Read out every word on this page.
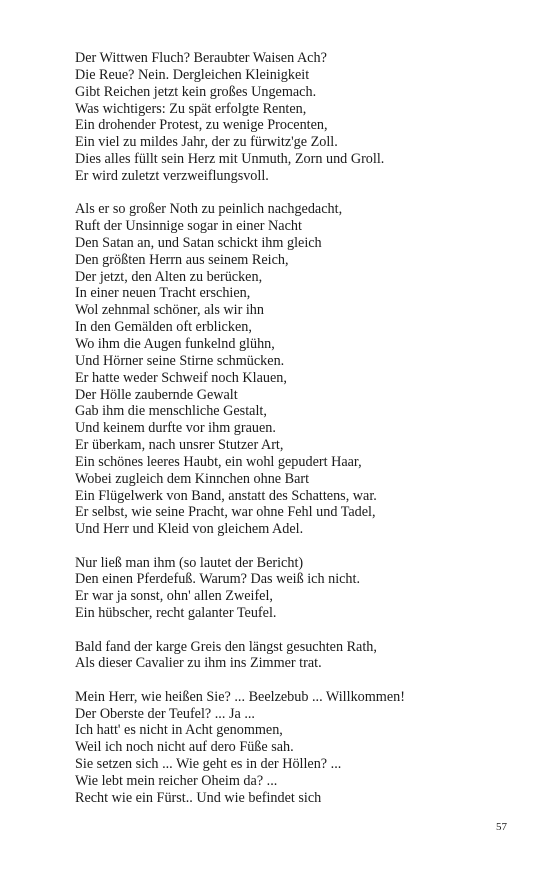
Der Wittwen Fluch? Beraubter Waisen Ach?
Die Reue? Nein. Dergleichen Kleinigkeit
Gibt Reichen jetzt kein großes Ungemach.
Was wichtigers: Zu spät erfolgte Renten,
Ein drohender Protest, zu wenige Procenten,
Ein viel zu mildes Jahr, der zu fürwitz'ge Zoll.
Dies alles füllt sein Herz mit Unmuth, Zorn und Groll.
Er wird zuletzt verzweiflungsvoll.
Als er so großer Noth zu peinlich nachgedacht,
Ruft der Unsinnige sogar in einer Nacht
Den Satan an, und Satan schickt ihm gleich
Den größten Herrn aus seinem Reich,
Der jetzt, den Alten zu berücken,
In einer neuen Tracht erschien,
Wol zehnmal schöner, als wir ihn
In den Gemälden oft erblicken,
Wo ihm die Augen funkelnd glühn,
Und Hörner seine Stirne schmücken.
Er hatte weder Schweif noch Klauen,
Der Hölle zaubernde Gewalt
Gab ihm die menschliche Gestalt,
Und keinem durfte vor ihm grauen.
Er überkam, nach unsrer Stutzer Art,
Ein schönes leeres Haubt, ein wohl gepudert Haar,
Wobei zugleich dem Kinnchen ohne Bart
Ein Flügelwerk von Band, anstatt des Schattens, war.
Er selbst, wie seine Pracht, war ohne Fehl und Tadel,
Und Herr und Kleid von gleichem Adel.
Nur ließ man ihm (so lautet der Bericht)
Den einen Pferdefuß. Warum? Das weiß ich nicht.
Er war ja sonst, ohn' allen Zweifel,
Ein hübscher, recht galanter Teufel.
Bald fand der karge Greis den längst gesuchten Rath,
Als dieser Cavalier zu ihm ins Zimmer trat.
Mein Herr, wie heißen Sie? ... Beelzebub ... Willkommen!
Der Oberste der Teufel? ... Ja ...
Ich hatt' es nicht in Acht genommen,
Weil ich noch nicht auf dero Füße sah.
Sie setzen sich ... Wie geht es in der Höllen? ...
Wie lebt mein reicher Oheim da? ...
Recht wie ein Fürst.. Und wie befindet sich
57
